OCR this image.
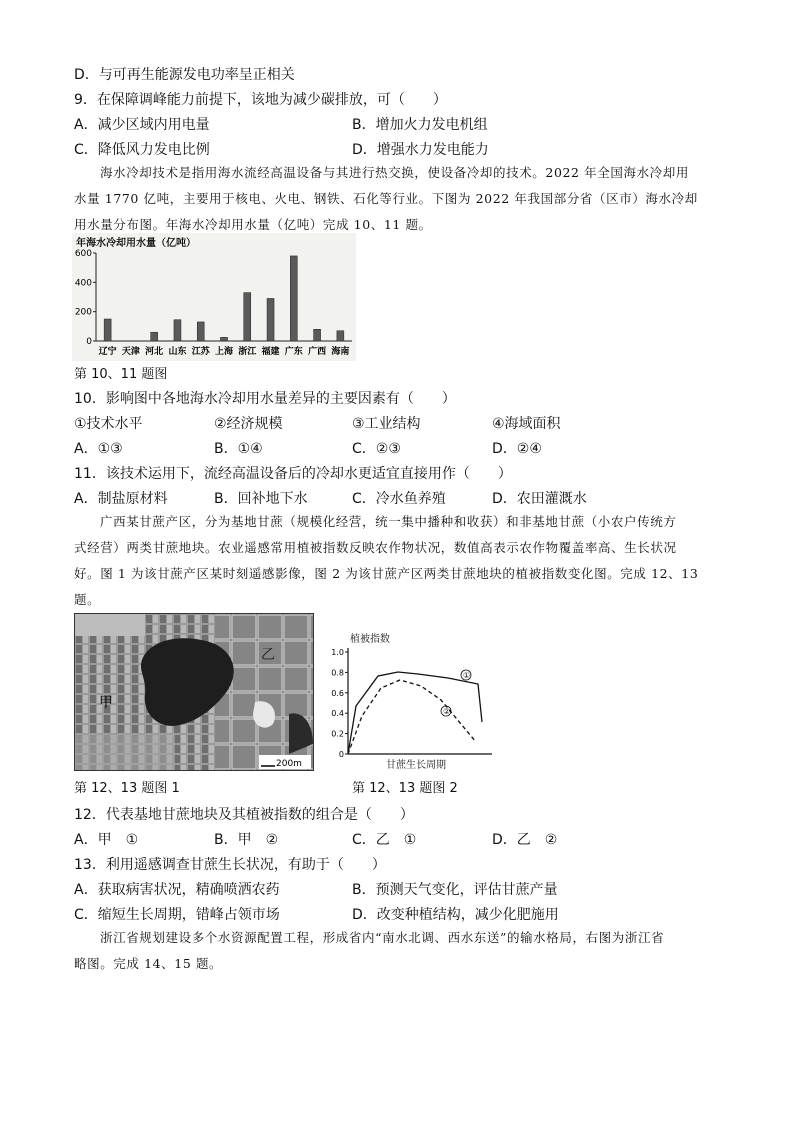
D．与可再生能源发电功率呈正相关
9．在保障调峰能力前提下，该地为减少碳排放，可（　　）
A．减少区域内用电量	B．增加火力发电机组
C．降低风力发电比例	D．增强水力发电能力
海水冷却技术是指用海水流经高温设备与其进行热交换，使设备冷却的技术。2022 年全国海水冷却用
水量 1770 亿吨，主要用于核电、火电、钢铁、石化等行业。下图为 2022 年我国部分省（区市）海水冷却
用水量分布图。年海水冷却用水量（亿吨）完成 10、11 题。
年海水冷却用水量（亿吨）
0
200
400
600
辽宁 天津 河北 山东 江苏 上海 浙江 福建 广东 广西 海南
第 10、11 题图
10．影响图中各地海水冷却用水量差异的主要因素有（　　）
①技术水平	②经济规模	③工业结构	④海域面积
A．①③	B．①④	C．②③	D．②④
11．该技术运用下，流经高温设备后的冷却水更适宜直接用作（　　）
A．制盐原材料	B．回补地下水	C．冷水鱼养殖	D．农田灌溉水
广西某甘蔗产区，分为基地甘蔗（规模化经营，统一集中播种和收获）和非基地甘蔗（小农户传统方
式经营）两类甘蔗地块。农业遥感常用植被指数反映农作物状况，数值高表示农作物覆盖率高、生长状况
好。图 1 为该甘蔗产区某时刻遥感影像，图 2 为该甘蔗产区两类甘蔗地块的植被指数变化图。完成 12、13
题。
甲
乙
200m
第 12、13 题图 1
植被指数
0
0.2
0.4
0.6
0.8
1.0
①
②
甘蔗生长周期
第 12、13 题图 2
12．代表基地甘蔗地块及其植被指数的组合是（　　）
A．甲　①	B．甲　②	C．乙　①	D．乙　②
13．利用遥感调查甘蔗生长状况，有助于（　　）
A．获取病害状况，精确喷洒农药	B．预测天气变化，评估甘蔗产量
C．缩短生长周期，错峰占领市场	D．改变种植结构，减少化肥施用
浙江省规划建设多个水资源配置工程，形成省内“南水北调、西水东送”的输水格局，右图为浙江省
略图。完成 14、15 题。
